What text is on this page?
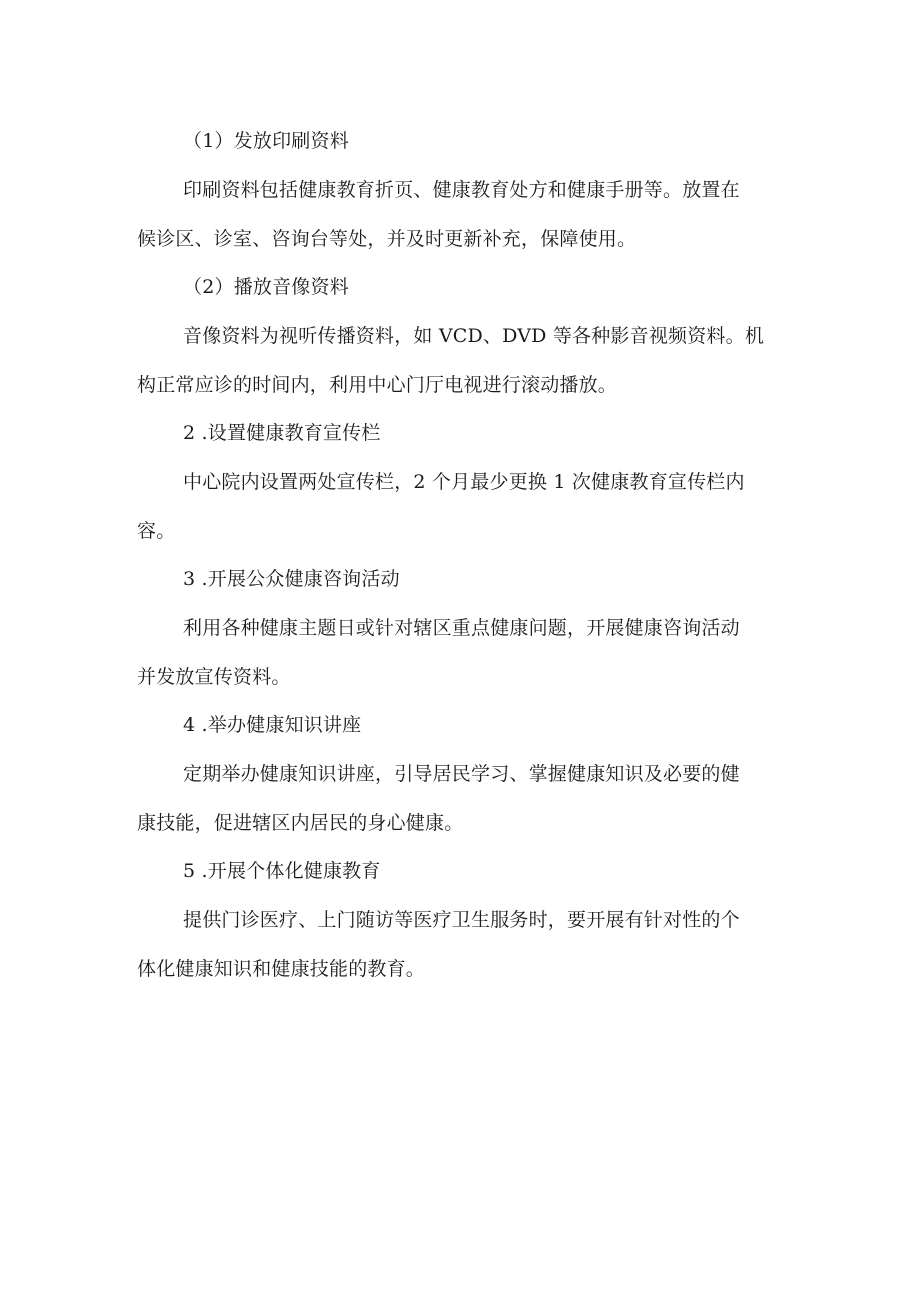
（1）发放印刷资料
印刷资料包括健康教育折页、健康教育处方和健康手册等。放置在
候诊区、诊室、咨询台等处，并及时更新补充，保障使用。
（2）播放音像资料
音像资料为视听传播资料，如 VCD、DVD 等各种影音视频资料。机
构正常应诊的时间内，利用中心门厅电视进行滚动播放。
2 .设置健康教育宣传栏
中心院内设置两处宣传栏，2 个月最少更换 1 次健康教育宣传栏内
容。
3 .开展公众健康咨询活动
利用各种健康主题日或针对辖区重点健康问题，开展健康咨询活动
并发放宣传资料。
4 .举办健康知识讲座
定期举办健康知识讲座，引导居民学习、掌握健康知识及必要的健
康技能，促进辖区内居民的身心健康。
5 .开展个体化健康教育
提供门诊医疗、上门随访等医疗卫生服务时，要开展有针对性的个
体化健康知识和健康技能的教育。
